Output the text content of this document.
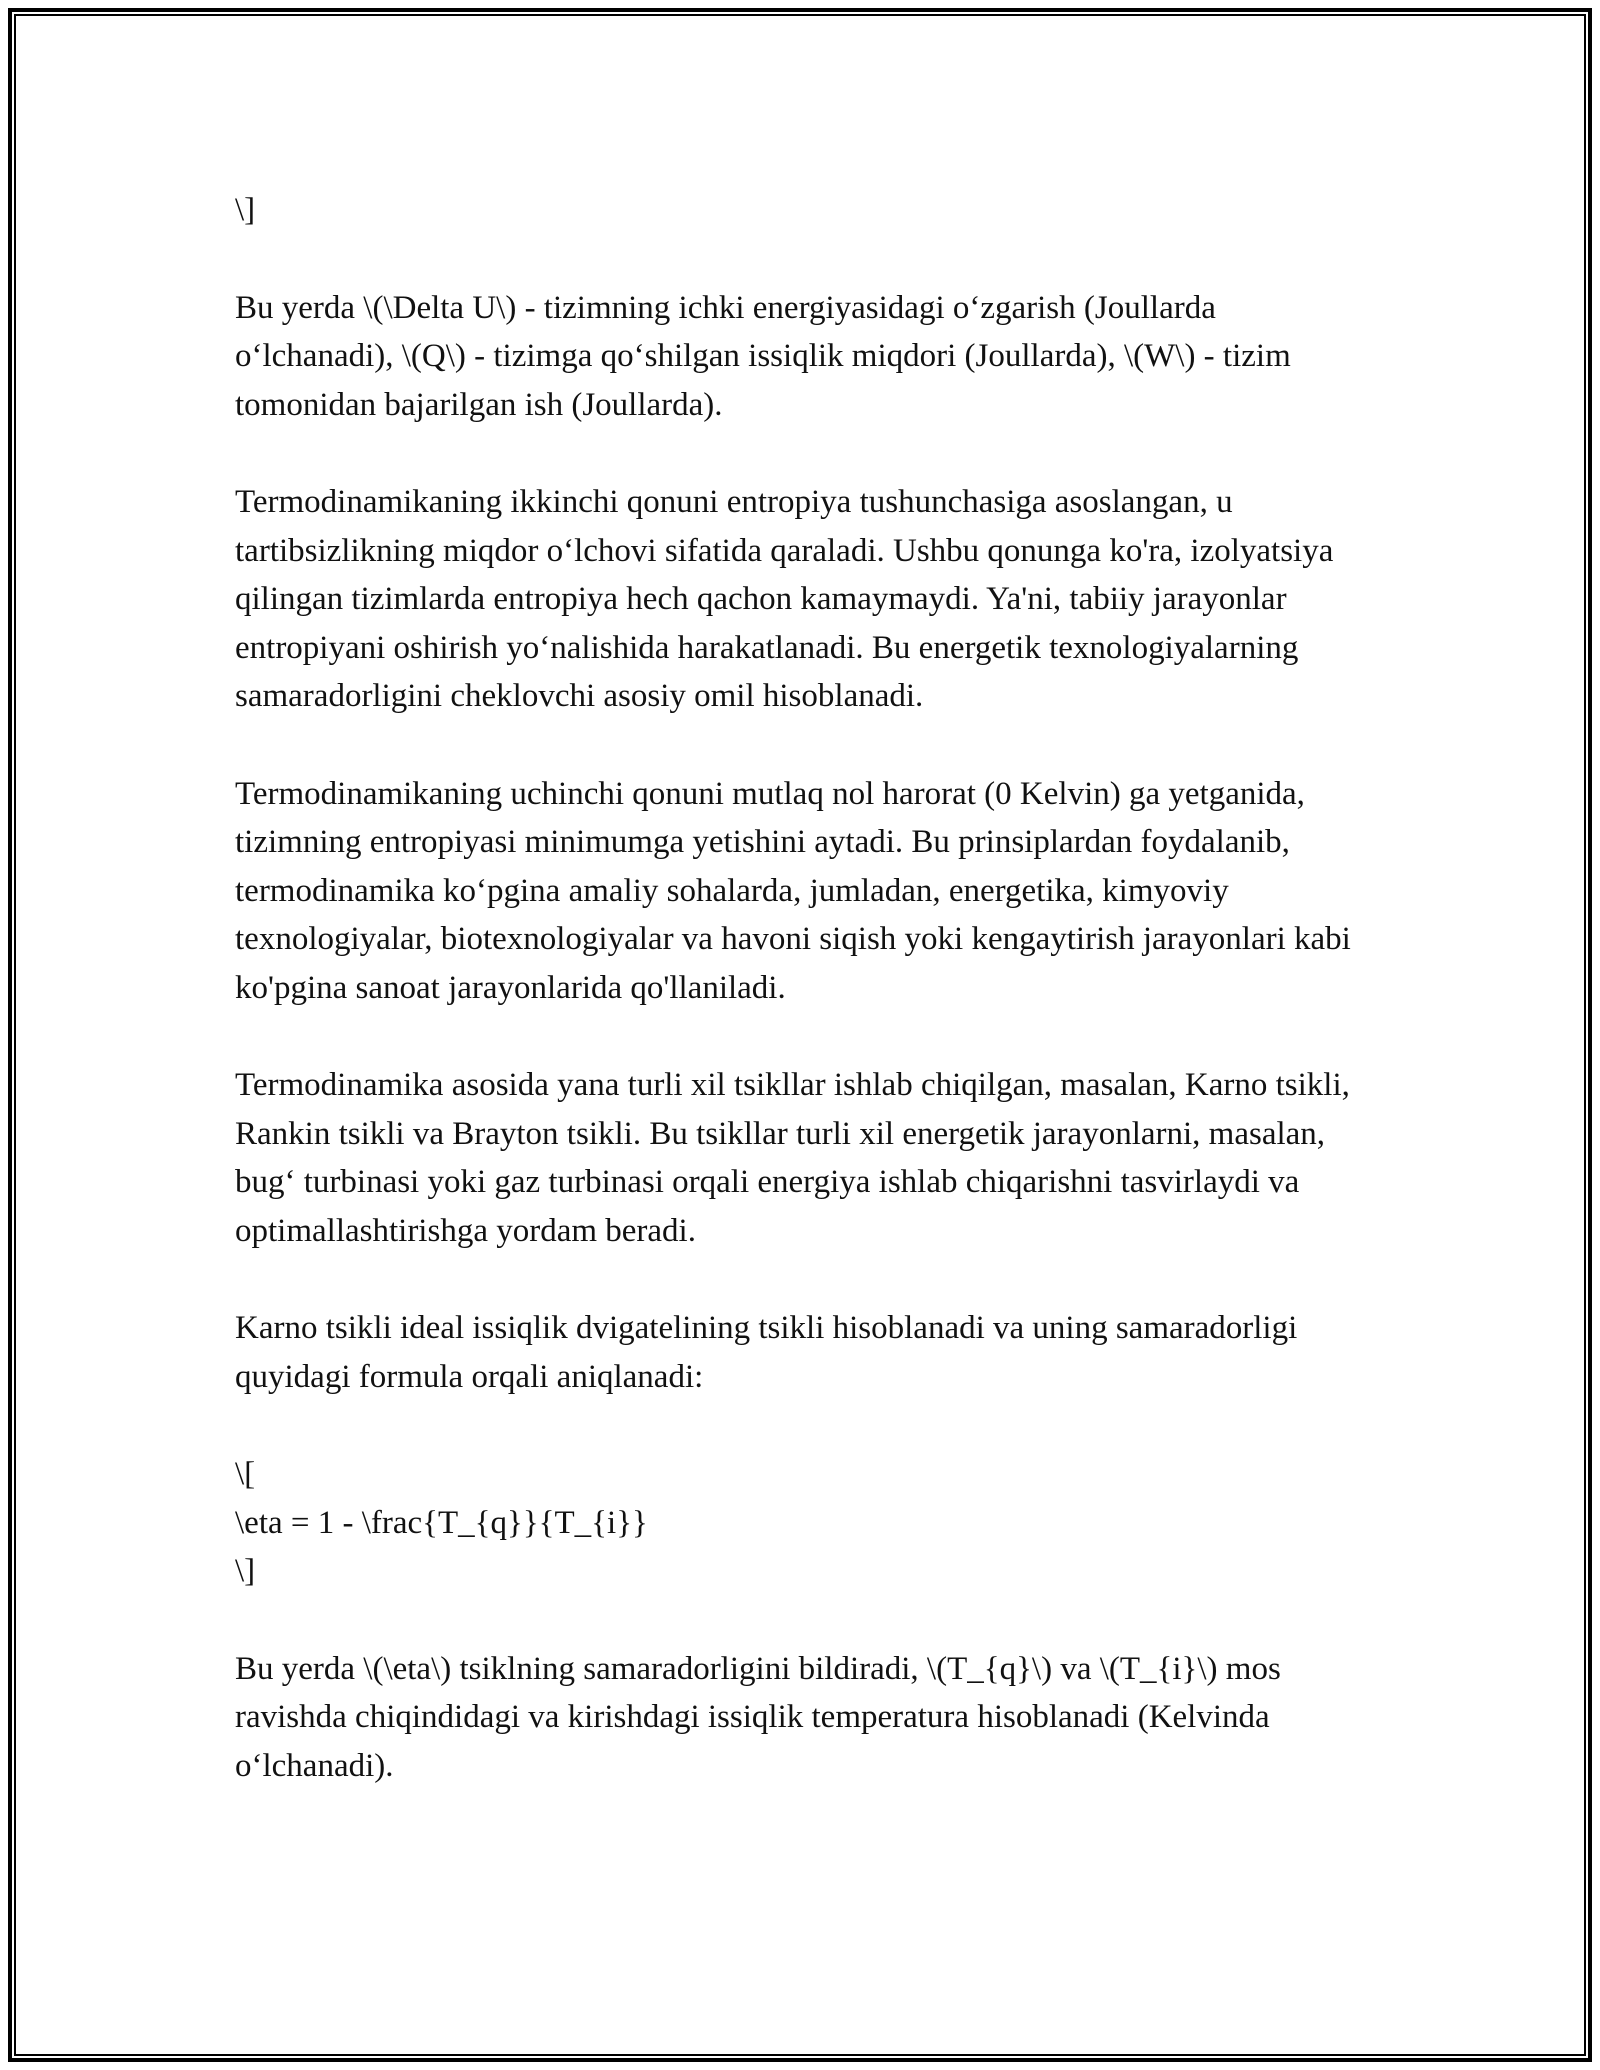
\]

Bu yerda \(\Delta U\) - tizimning ichki energiyasidagi o‘zgarish (Joullarda o‘lchanadi), \(Q\) - tizimga qo‘shilgan issiqlik miqdori (Joullarda), \(W\) - tizim tomonidan bajarilgan ish (Joullarda).

Termodinamikaning ikkinchi qonuni entropiya tushunchasiga asoslangan, u tartibsizlikning miqdor o‘lchovi sifatida qaraladi. Ushbu qonunga ko'ra, izolyatsiya qilingan tizimlarda entropiya hech qachon kamaymaydi. Ya'ni, tabiiy jarayonlar entropiyani oshirish yo‘nalishida harakatlanadi. Bu energetik texnologiyalarning samaradorligini cheklovchi asosiy omil hisoblanadi.

Termodinamikaning uchinchi qonuni mutlaq nol harorat (0 Kelvin) ga yetganida, tizimning entropiyasi minimumga yetishini aytadi. Bu prinsiplardan foydalanib, termodinamika ko‘pgina amaliy sohalarda, jumladan, energetika, kimyoviy texnologiyalar, biotexnologiyalar va havoni siqish yoki kengaytirish jarayonlari kabi ko'pgina sanoat jarayonlarida qo'llaniladi.

Termodinamika asosida yana turli xil tsikllar ishlab chiqilgan, masalan, Karno tsikli, Rankin tsikli va Brayton tsikli. Bu tsikllar turli xil energetik jarayonlarni, masalan, bug‘ turbinasi yoki gaz turbinasi orqali energiya ishlab chiqarishni tasvirlaydi va optimallashtirishga yordam beradi.

Karno tsikli ideal issiqlik dvigatelining tsikli hisoblanadi va uning samaradorligi quyidagi formula orqali aniqlanadi:

\[
\eta = 1 - \frac{T_{q}}{T_{i}}
\]

Bu yerda \(\eta\) tsiklning samaradorligini bildiradi, \(T_{q}\) va \(T_{i}\) mos ravishda chiqindidagi va kirishdagi issiqlik temperatura hisoblanadi (Kelvinda o‘lchanadi).
